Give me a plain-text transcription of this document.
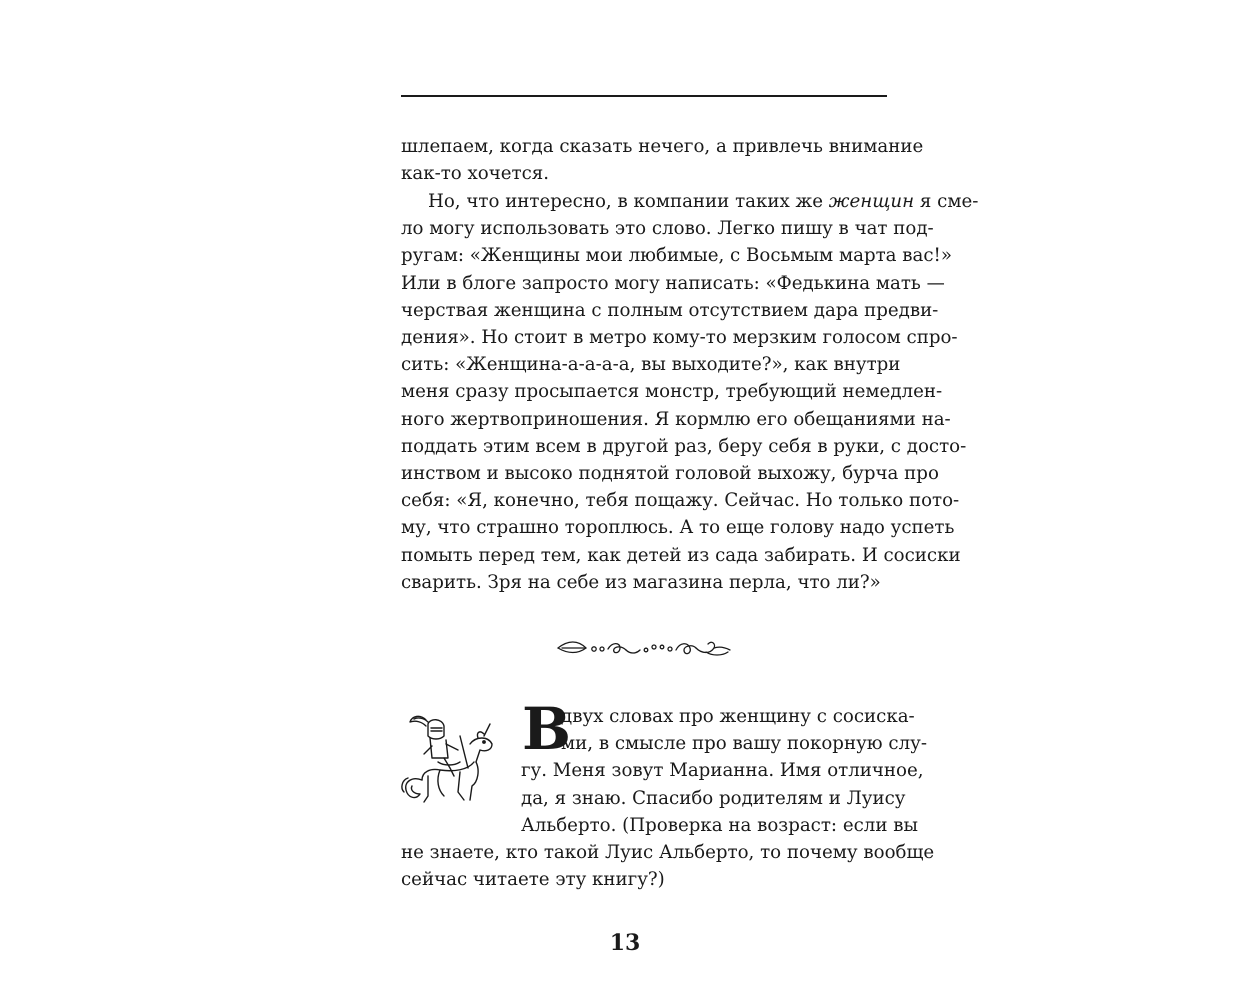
шлепаем, когда сказать нечего, а привлечь внимание
как-то хочется.
Но, что интересно, в компании таких же женщин я сме-
ло могу использовать это слово. Легко пишу в чат под-
ругам: «Женщины мои любимые, с Восьмым марта вас!»
Или в блоге запросто могу написать: «Федькина мать —
черствая женщина с полным отсутствием дара предви-
дения». Но стоит в метро кому-то мерзким голосом спро-
сить: «Женщина-а-а-а-а, вы выходите?», как внутри
меня сразу просыпается монстр, требующий немедлен-
ного жертвоприношения. Я кормлю его обещаниями на-
поддать этим всем в другой раз, беру себя в руки, с досто-
инством и высоко поднятой головой выхожу, бурча про
себя: «Я, конечно, тебя пощажу. Сейчас. Но только пото-
му, что страшно тороплюсь. А то еще голову надо успеть
помыть перед тем, как детей из сада забирать. И сосиски
сварить. Зря на себе из магазина перла, что ли?»
В
двух словах про женщину с сосиска-
ми, в смысле про вашу покорную слу-
гу. Меня зовут Марианна. Имя отличное,
да, я знаю. Спасибо родителям и Луису
Альберто. (Проверка на возраст: если вы
не знаете, кто такой Луис Альберто, то почему вообще
сейчас читаете эту книгу?)
13
